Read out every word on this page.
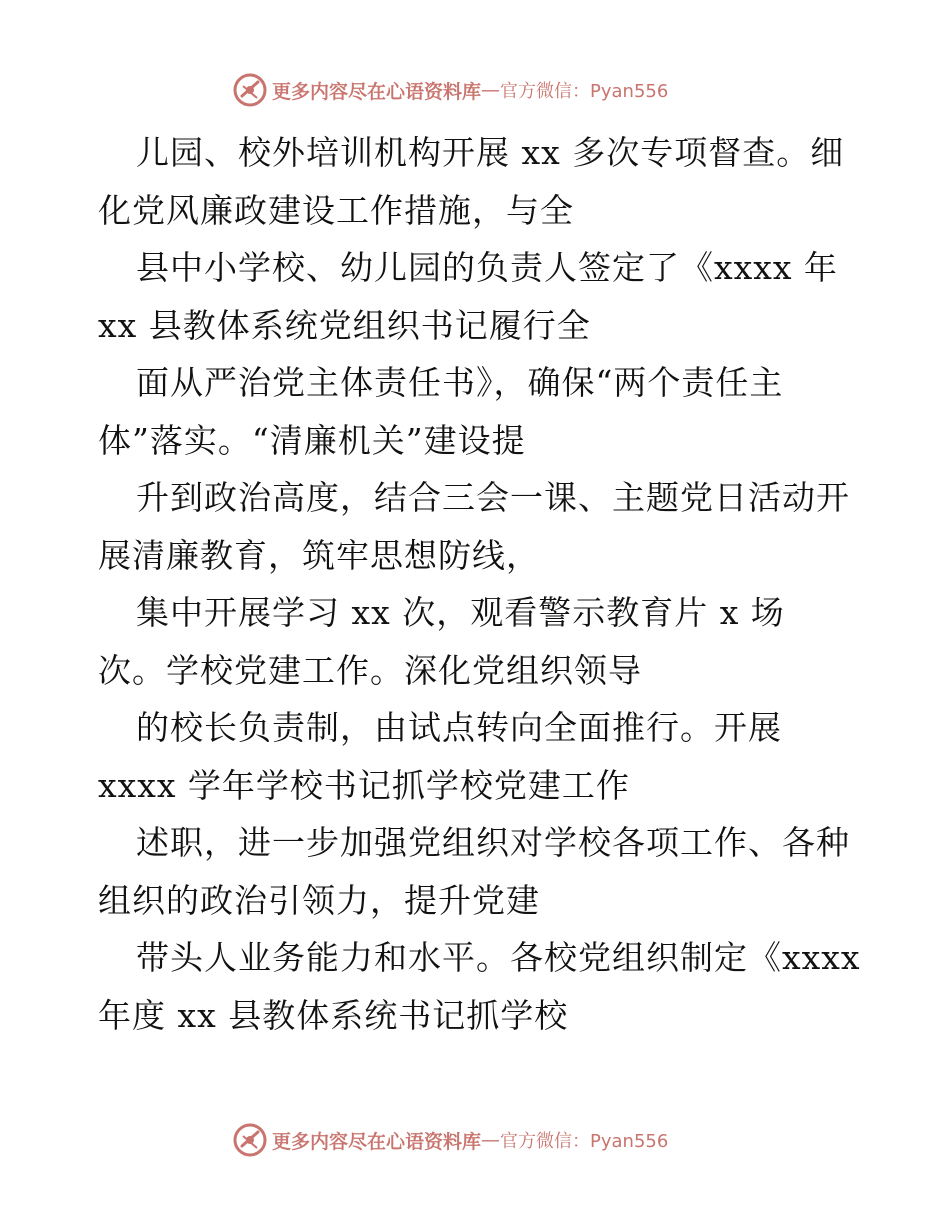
更多内容尽在心语资料库 — 官方微信：Pyan556
儿园、校外培训机构开展 xx 多次专项督查。细
化党风廉政建设工作措施，与全
县中小学校、幼儿园的负责人签定了《xxxx 年
xx 县教体系统党组织书记履行全
面从严治党主体责任书》，确保“两个责任主
体”落实。“清廉机关”建设提
升到政治高度，结合三会一课、主题党日活动开
展清廉教育，筑牢思想防线，
集中开展学习 xx 次，观看警示教育片 x 场
次。学校党建工作。深化党组织领导
的校长负责制，由试点转向全面推行。开展
xxxx 学年学校书记抓学校党建工作
述职，进一步加强党组织对学校各项工作、各种
组织的政治引领力，提升党建
带头人业务能力和水平。各校党组织制定《xxxx
年度 xx 县教体系统书记抓学校
更多内容尽在心语资料库 — 官方微信：Pyan556
